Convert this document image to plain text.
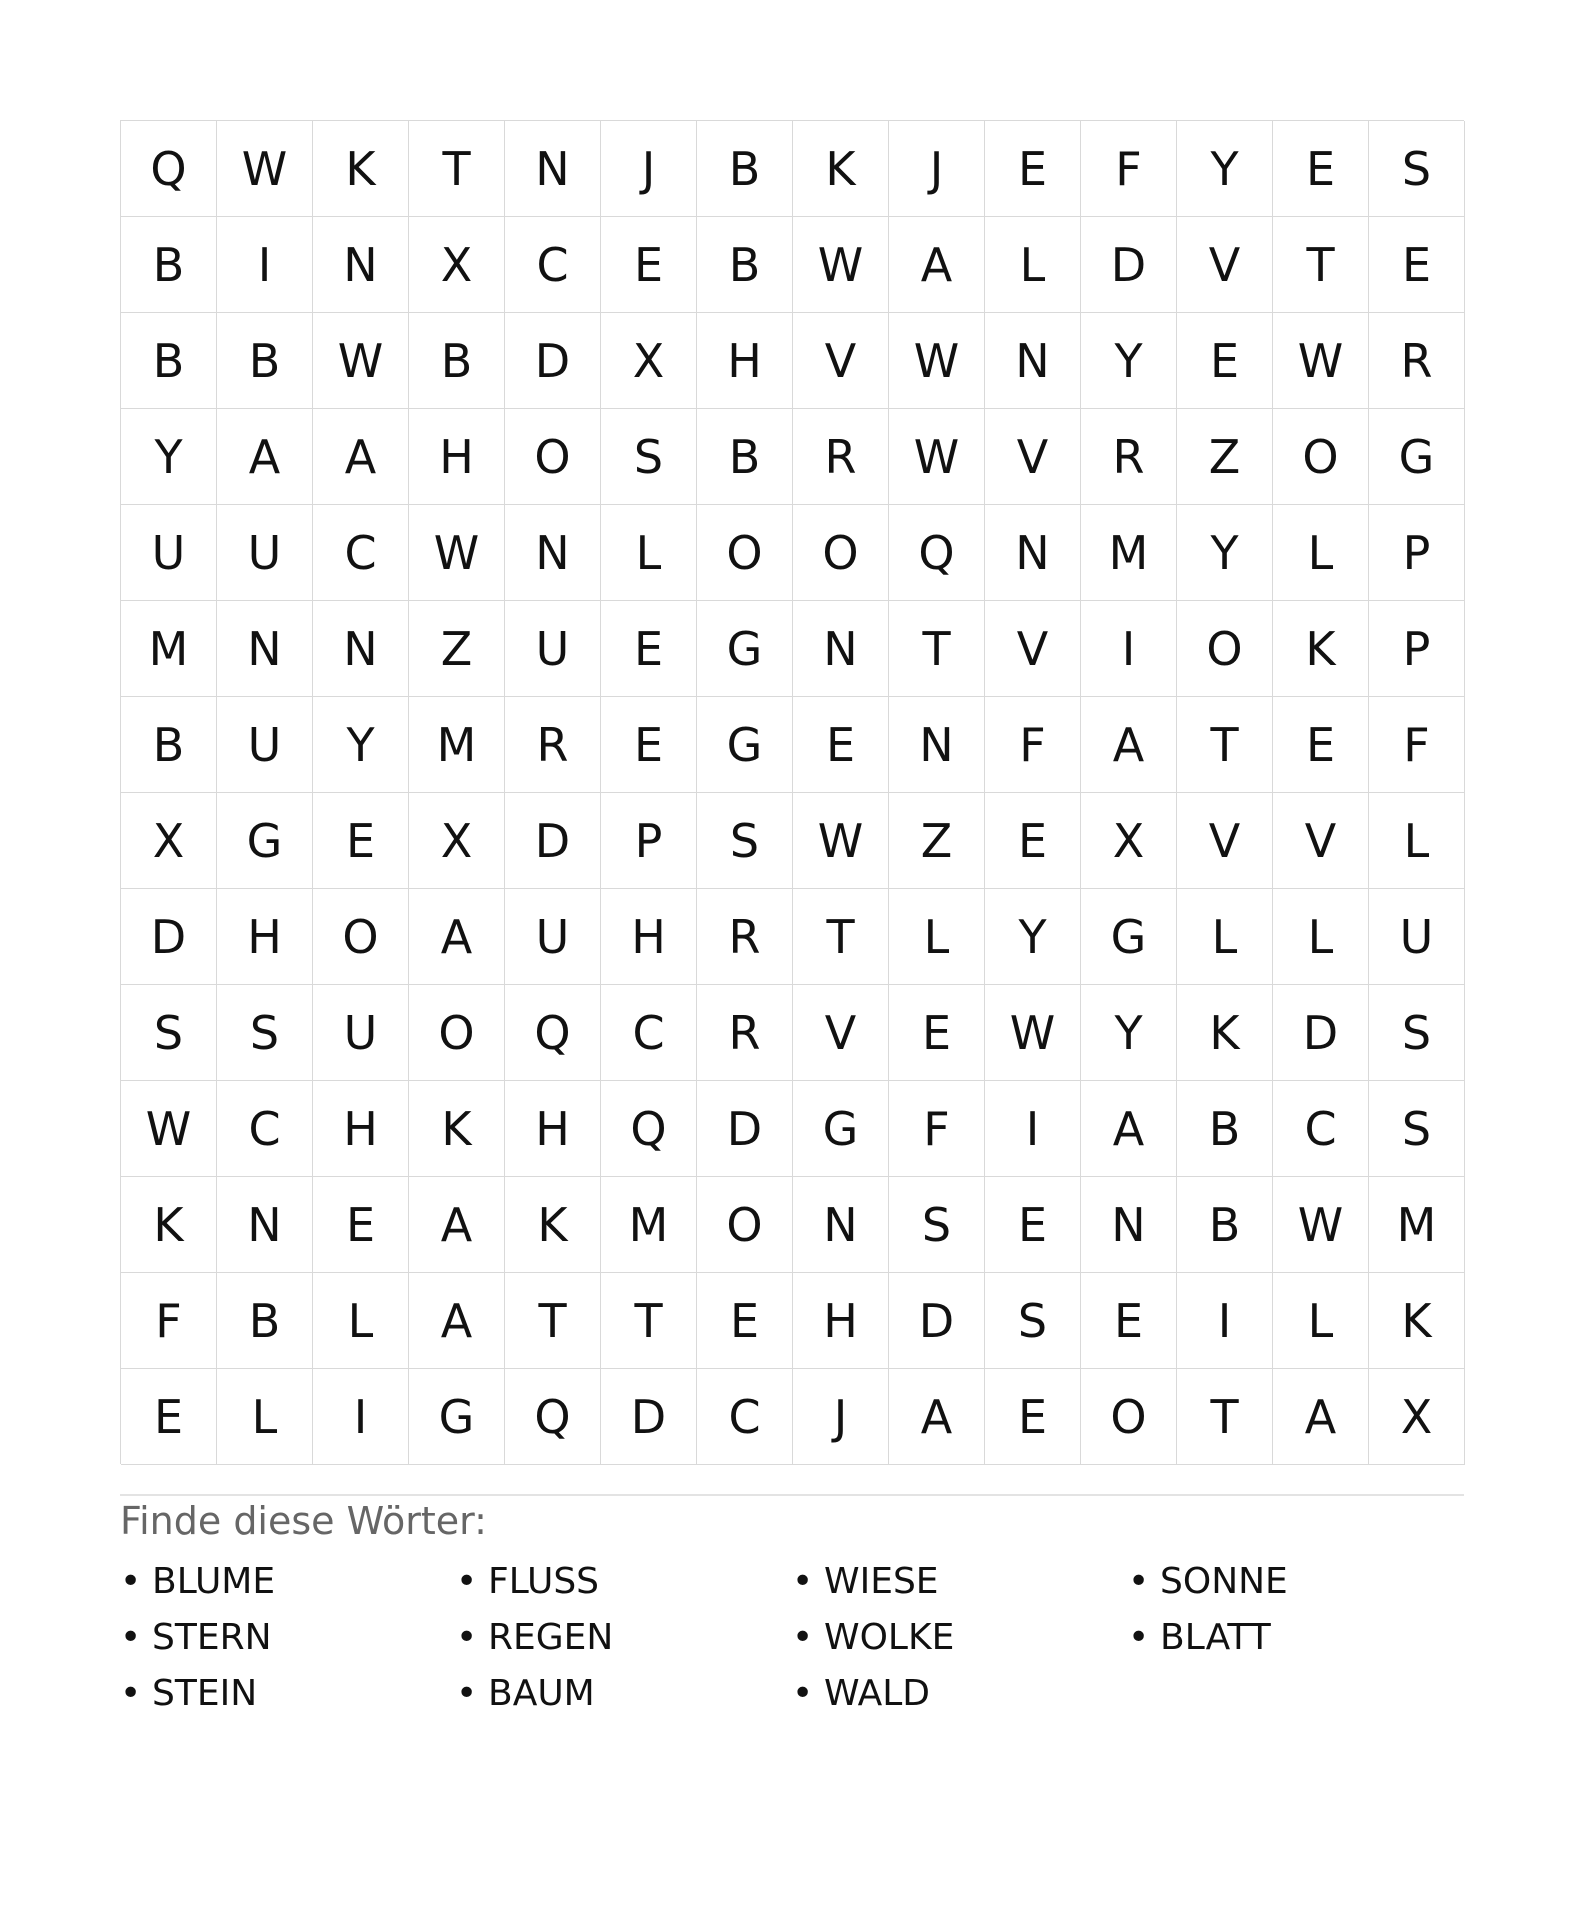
Q	W	K	T	N	J	B	K	J	E	F	Y	E	S
B	I	N	X	C	E	B	W	A	L	D	V	T	E
B	B	W	B	D	X	H	V	W	N	Y	E	W	R
Y	A	A	H	O	S	B	R	W	V	R	Z	O	G
U	U	C	W	N	L	O	O	Q	N	M	Y	L	P
M	N	N	Z	U	E	G	N	T	V	I	O	K	P
B	U	Y	M	R	E	G	E	N	F	A	T	E	F
X	G	E	X	D	P	S	W	Z	E	X	V	V	L
D	H	O	A	U	H	R	T	L	Y	G	L	L	U
S	S	U	O	Q	C	R	V	E	W	Y	K	D	S
W	C	H	K	H	Q	D	G	F	I	A	B	C	S
K	N	E	A	K	M	O	N	S	E	N	B	W	M
F	B	L	A	T	T	E	H	D	S	E	I	L	K
E	L	I	G	Q	D	C	J	A	E	O	T	A	X
Finde diese Wörter:
• BLUME
• STERN
• STEIN
• FLUSS
• REGEN
• BAUM
• WIESE
• WOLKE
• WALD
• SONNE
• BLATT
